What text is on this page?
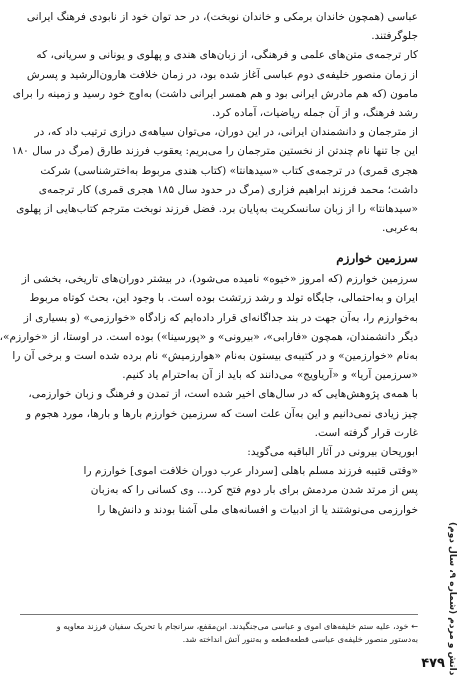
عباسی (همچون خاندان برمکی و خاندان نوبخت)، در حد توان خود از نابودی فرهنگ ایرانی
جلوگرفتند.
کار ترجمه‌ی متن‌های علمی و فرهنگی، از زبان‌های هندی و پهلوی و یونانی و سریانی، که
از زمان منصور خلیفه‌ی دوم عباسی آغاز شده بود، در زمان خلافت هارون‌الرشید و پسرش
مامون (که هم مادرش ایرانی بود و هم همسر ایرانی داشت) به‌اوج خود رسید و زمینه را برای
رشد فرهنگ، و از آن جمله ریاضیات، آماده کرد.
از مترجمان و دانشمندان ایرانی، در این دوران، می‌توان سیاهه‌ی درازی ترتیب داد که، در
این جا تنها نام چندتن از نخستین مترجمان را می‌بریم: یعقوب فرزند طارق (مرگ در سال ۱۸۰
هجری قمری) در ترجمه‌ی کتاب «سیدهانتا» (کتاب هندی مربوط به‌اخترشناسی) شرکت
داشت؛ محمد فرزند ابراهیم فزاری (مرگ در حدود سال ۱۸۵ هجری قمری) کار ترجمه‌ی
«سیدهانتا» را از زبان سانسکریت به‌پایان برد. فضل فرزند نوبخت مترجم کتاب‌هایی از پهلوی
به‌عربی.
سرزمین خوارزم
سرزمین خوارزم (که امروز «خیوه» نامیده می‌شود)، در بیشتر دوران‌های تاریخی، بخشی از
ایران و به‌احتمالی، جایگاه تولد و رشد زرتشت بوده است. با وجود این، بحث کوتاه مربوط
به‌خوارزم را، به‌آن جهت در بند جداگانه‌ای قرار داده‌ایم که زادگاه «خوارزمی» (و بسیاری از
دیگر دانشمندان، همچون «فارابی»، «بیرونی» و «پورسینا») بوده است. در اوستا، از «خوارزم»،
به‌نام «خوارزمین» و در کتیبه‌ی بیستون به‌نام «هوارزمیش» نام برده شده است و برخی آن را
«سرزمین آریا» و «آریاویج» می‌دانند که باید از آن به‌احترام یاد کنیم.
با همه‌ی پژوهش‌هایی که در سال‌های اخیر شده است، از تمدن و فرهنگ و زبان خوارزمی،
چیز زیادی نمی‌دانیم و این به‌آن علت است که سرزمین خوارزم بارها و بارها، مورد هجوم و
غارت قرار گرفته است.
ابوریحان بیرونی در آثار الباقیه می‌گوید:
«وقتی قتیبه فرزند مسلم باهلی [سردار عرب دوران خلافت اموی] خوارزم را
پس از مرتد شدن مردمش برای بار دوم فتح کرد... وی کسانی را که به‌زبان
خوارزمی می‌نوشتند یا از ادبیات و افسانه‌های ملی آشنا بودند و دانش‌ها را
دانش و مردم (شماره ۹، سال دوم)
← خود، علیه ستم خلیفه‌های اموی و عباسی می‌جنگیدند. ابن‌مقفع، سرانجام با تحریک سفیان فرزند معاویه و
به‌دستور منصور خلیفه‌ی عباسی قطعه‌قطعه و به‌تنور آتش انداخته شد.
۴۷۹
